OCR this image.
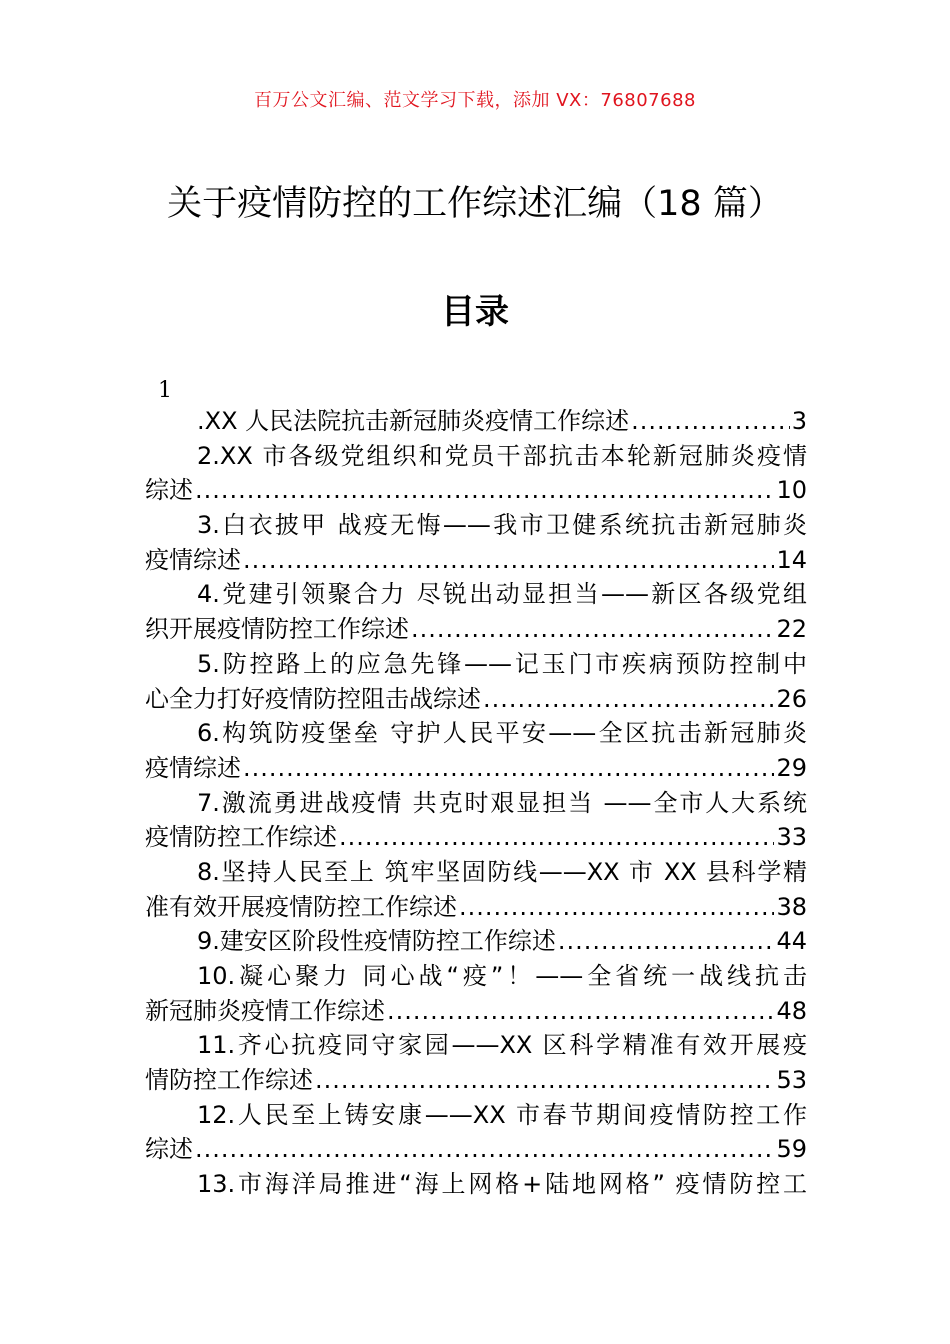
百万公文汇编、范文学习下载，添加 VX：76807688
关于疫情防控的工作综述汇编（18 篇）
目录
1
.XX 人民法院抗击新冠肺炎疫情工作综述 .....	3
2.XX 市各级党组织和党员干部抗击本轮新冠肺炎疫情
综述 .....	10
3.白衣披甲 战疫无悔——我市卫健系统抗击新冠肺炎
疫情综述 .....	14
4.党建引领聚合力 尽锐出动显担当——新区各级党组
织开展疫情防控工作综述 .....	22
5.防控路上的应急先锋——记玉门市疾病预防控制中
心全力打好疫情防控阻击战综述 .....	26
6.构筑防疫堡垒 守护人民平安——全区抗击新冠肺炎
疫情综述 .....	29
7.激流勇进战疫情 共克时艰显担当 ——全市人大系统
疫情防控工作综述 .....	33
8.坚持人民至上 筑牢坚固防线——XX 市 XX 县科学精
准有效开展疫情防控工作综述 .....	38
9.建安区阶段性疫情防控工作综述 .....	44
10.凝心聚力 同心战“疫”！——全省统一战线抗击
新冠肺炎疫情工作综述 .....	48
11.齐心抗疫同守家园——XX 区科学精准有效开展疫
情防控工作综述 .....	53
12.人民至上铸安康——XX 市春节期间疫情防控工作
综述 .....	59
13.市海洋局推进“海上网格+陆地网格” 疫情防控工
